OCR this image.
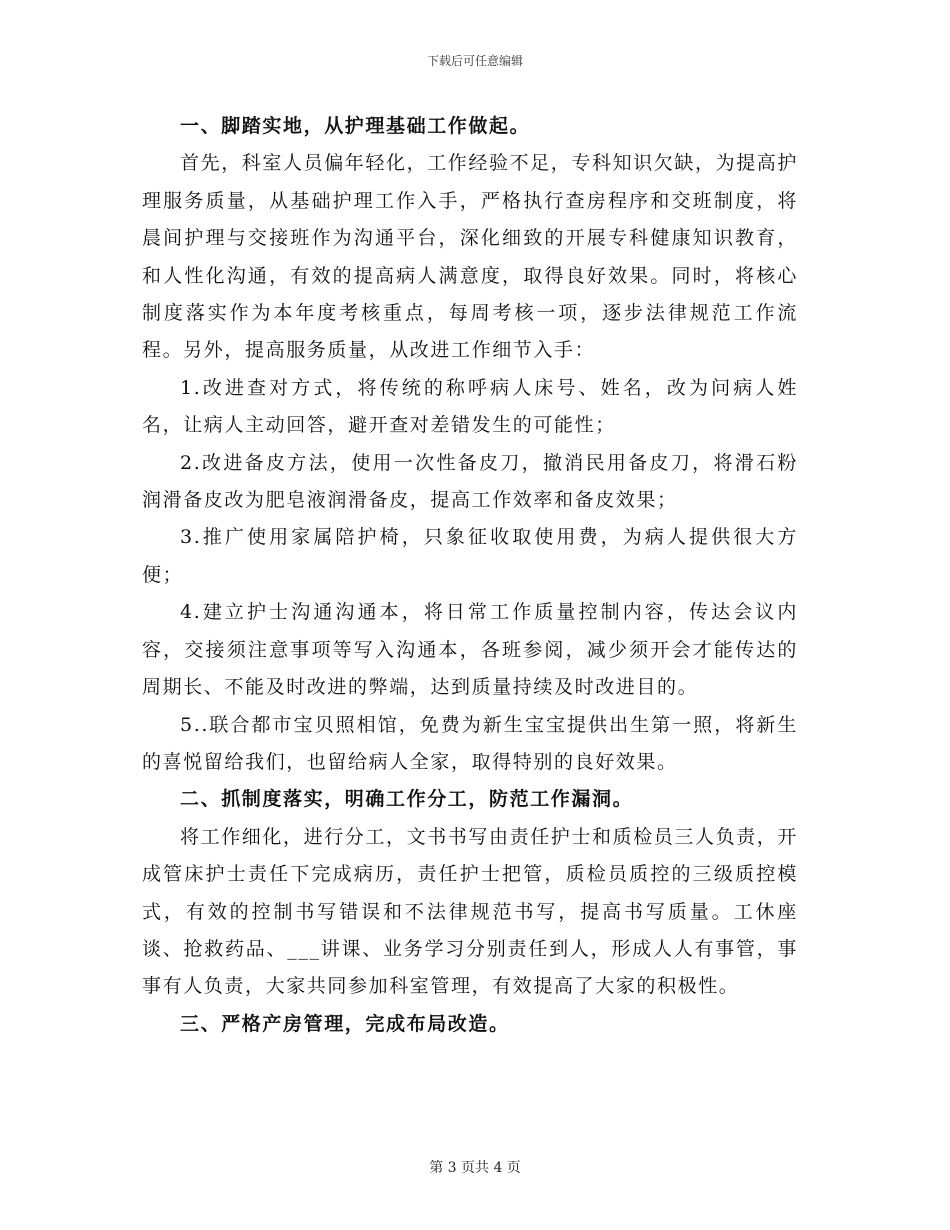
下载后可任意编辑

一、脚踏实地，从护理基础工作做起。

首先，科室人员偏年轻化，工作经验不足，专科知识欠缺，为提高护理服务质量，从基础护理工作入手，严格执行查房程序和交班制度，将晨间护理与交接班作为沟通平台，深化细致的开展专科健康知识教育，和人性化沟通，有效的提高病人满意度，取得良好效果。同时，将核心制度落实作为本年度考核重点，每周考核一项，逐步法律规范工作流程。另外，提高服务质量，从改进工作细节入手：

1.改进查对方式，将传统的称呼病人床号、姓名，改为问病人姓名，让病人主动回答，避开查对差错发生的可能性；

2.改进备皮方法，使用一次性备皮刀，撤消民用备皮刀，将滑石粉润滑备皮改为肥皂液润滑备皮，提高工作效率和备皮效果；

3.推广使用家属陪护椅，只象征收取使用费，为病人提供很大方便；

4.建立护士沟通沟通本，将日常工作质量控制内容，传达会议内容，交接须注意事项等写入沟通本，各班参阅，减少须开会才能传达的周期长、不能及时改进的弊端，达到质量持续及时改进目的。

5..联合都市宝贝照相馆，免费为新生宝宝提供出生第一照，将新生的喜悦留给我们，也留给病人全家，取得特别的良好效果。

二、抓制度落实，明确工作分工，防范工作漏洞。

将工作细化，进行分工，文书书写由责任护士和质检员三人负责，开成管床护士责任下完成病历，责任护士把管，质检员质控的三级质控模式，有效的控制书写错误和不法律规范书写，提高书写质量。工休座谈、抢救药品、___讲课、业务学习分别责任到人，形成人人有事管，事事有人负责，大家共同参加科室管理，有效提高了大家的积极性。

三、严格产房管理，完成布局改造。

第 3 页共 4 页
